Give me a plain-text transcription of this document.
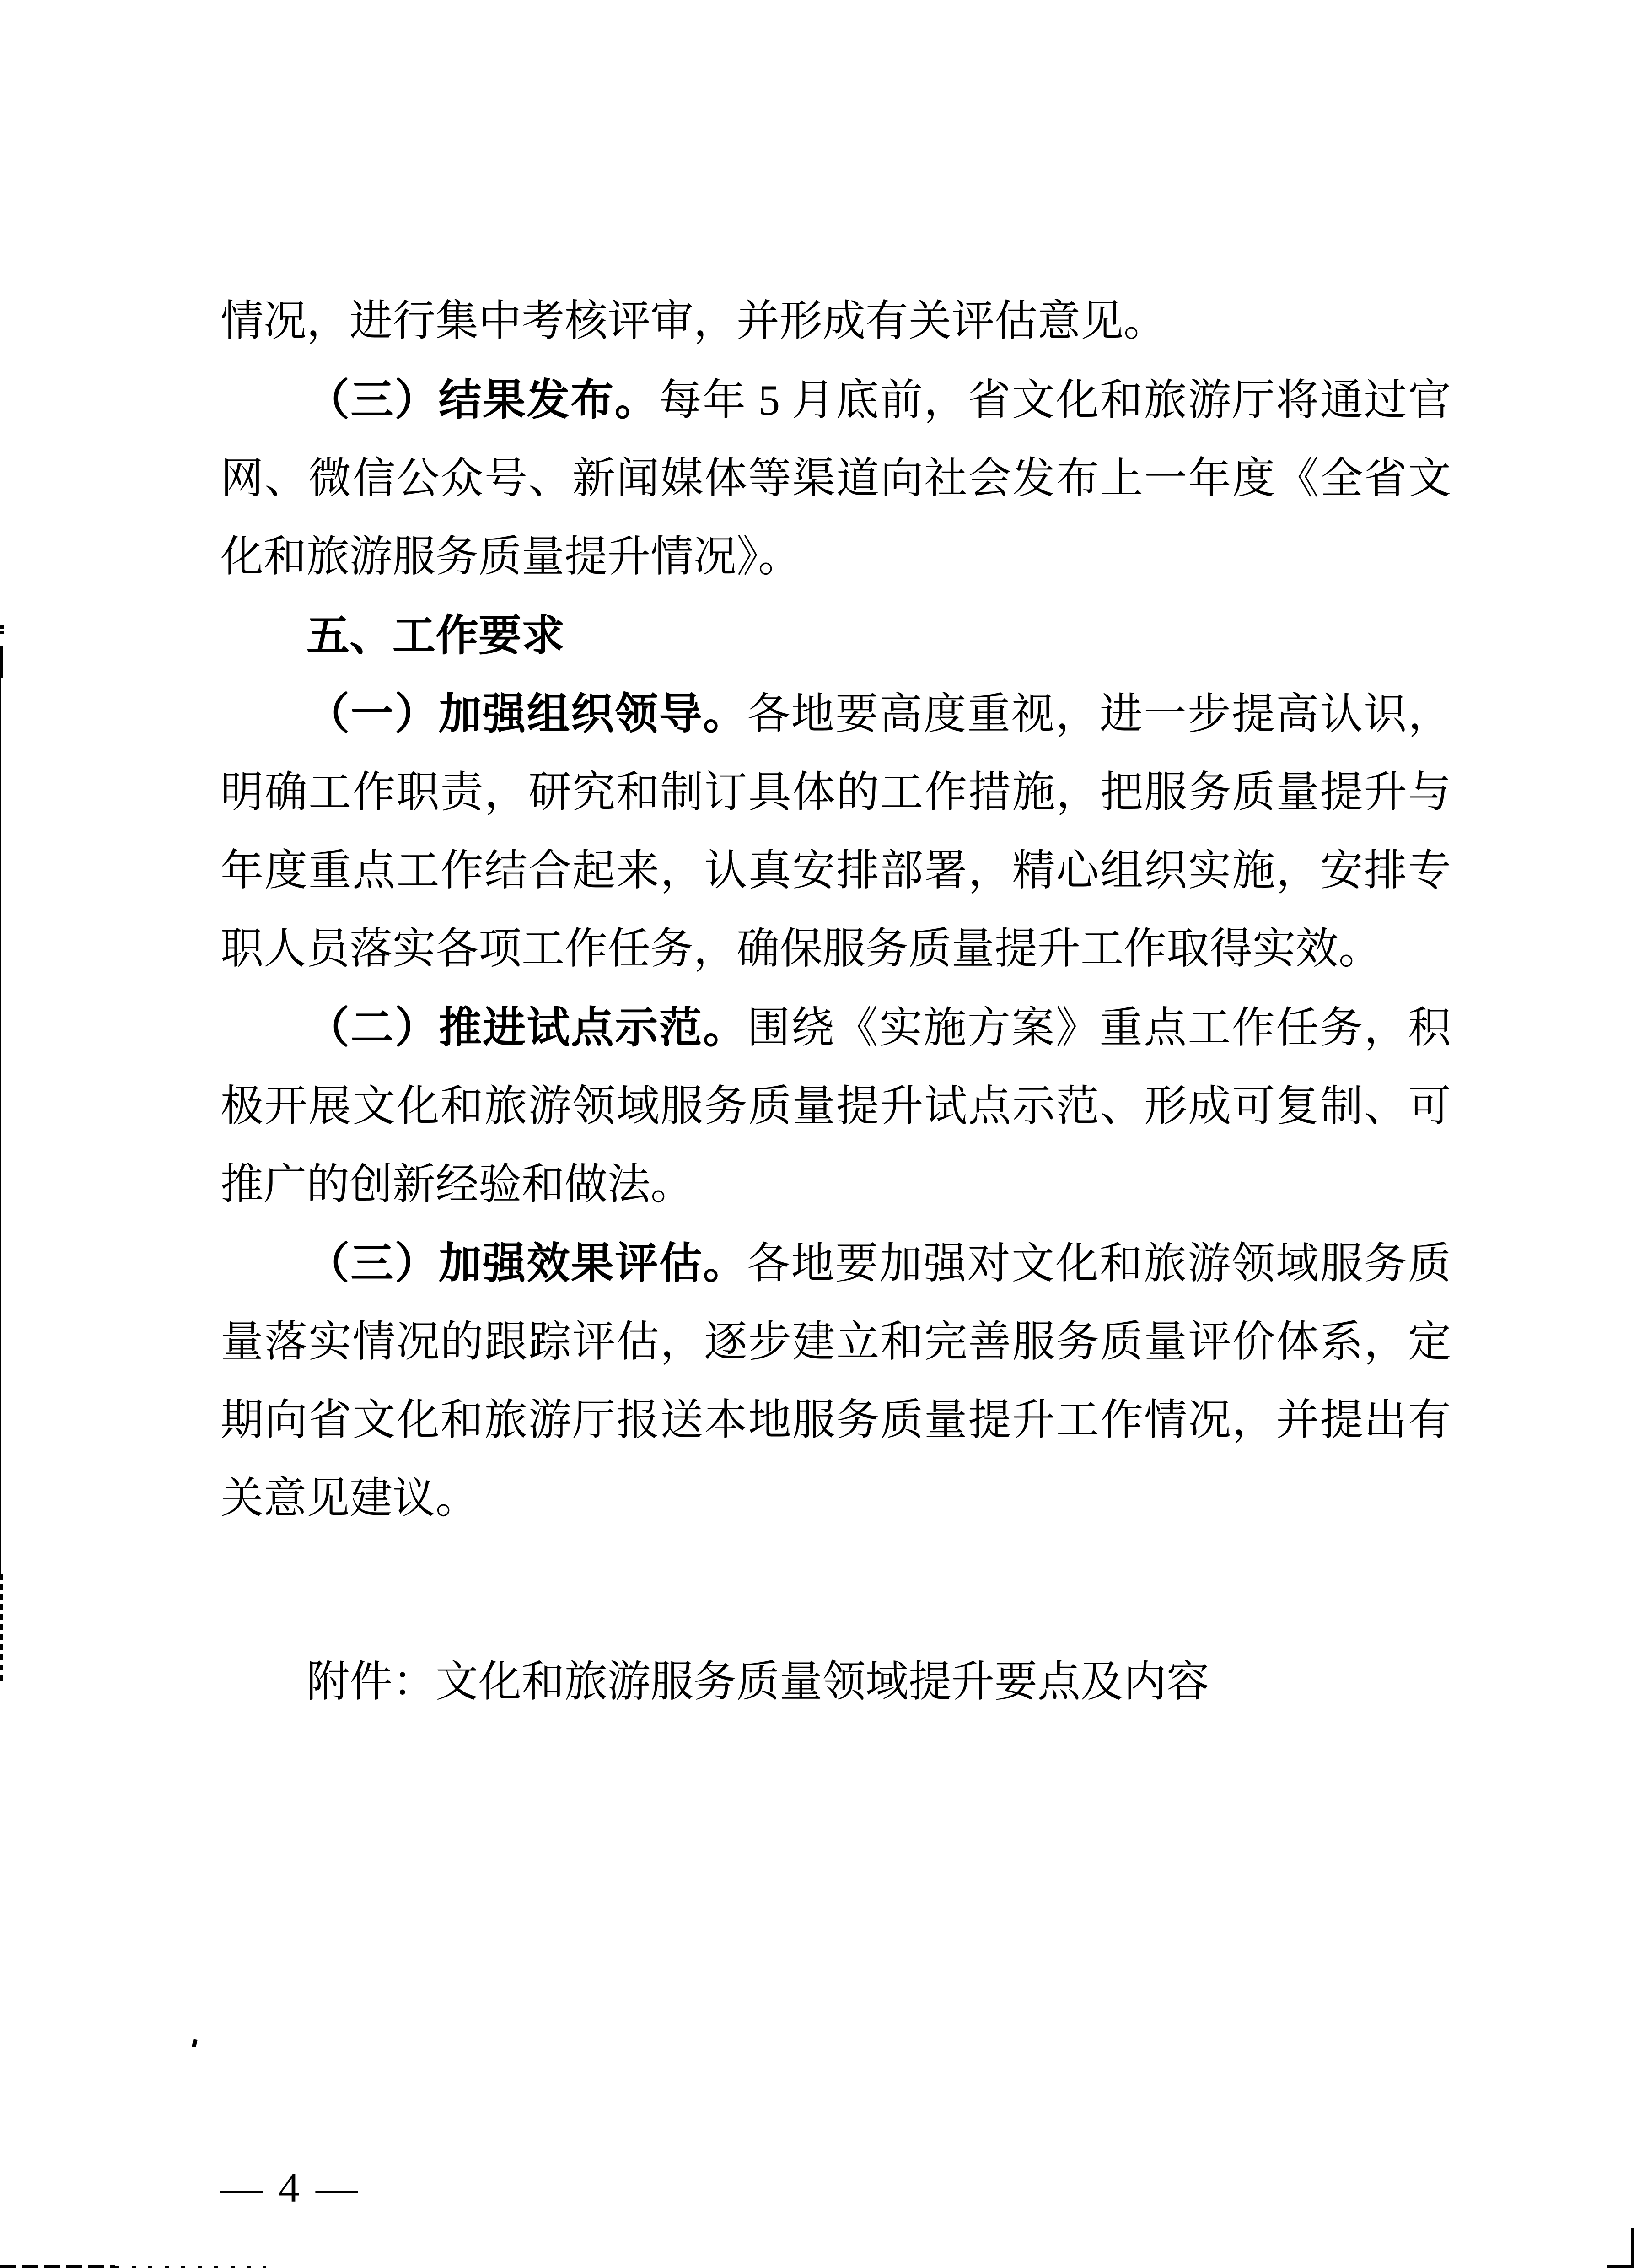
情况，进行集中考核评审，并形成有关评估意见。
（三）结果发布。每年 5 月底前，省文化和旅游厅将通过官网、微信公众号、新闻媒体等渠道向社会发布上一年度《全省文化和旅游服务质量提升情况》。
五、工作要求
（一）加强组织领导。各地要高度重视，进一步提高认识，明确工作职责，研究和制订具体的工作措施，把服务质量提升与年度重点工作结合起来，认真安排部署，精心组织实施，安排专职人员落实各项工作任务，确保服务质量提升工作取得实效。
（二）推进试点示范。围绕《实施方案》重点工作任务，积极开展文化和旅游领域服务质量提升试点示范、形成可复制、可推广的创新经验和做法。
（三）加强效果评估。各地要加强对文化和旅游领域服务质量落实情况的跟踪评估，逐步建立和完善服务质量评价体系，定期向省文化和旅游厅报送本地服务质量提升工作情况，并提出有关意见建议。
附件：文化和旅游服务质量领域提升要点及内容
— 4 —
